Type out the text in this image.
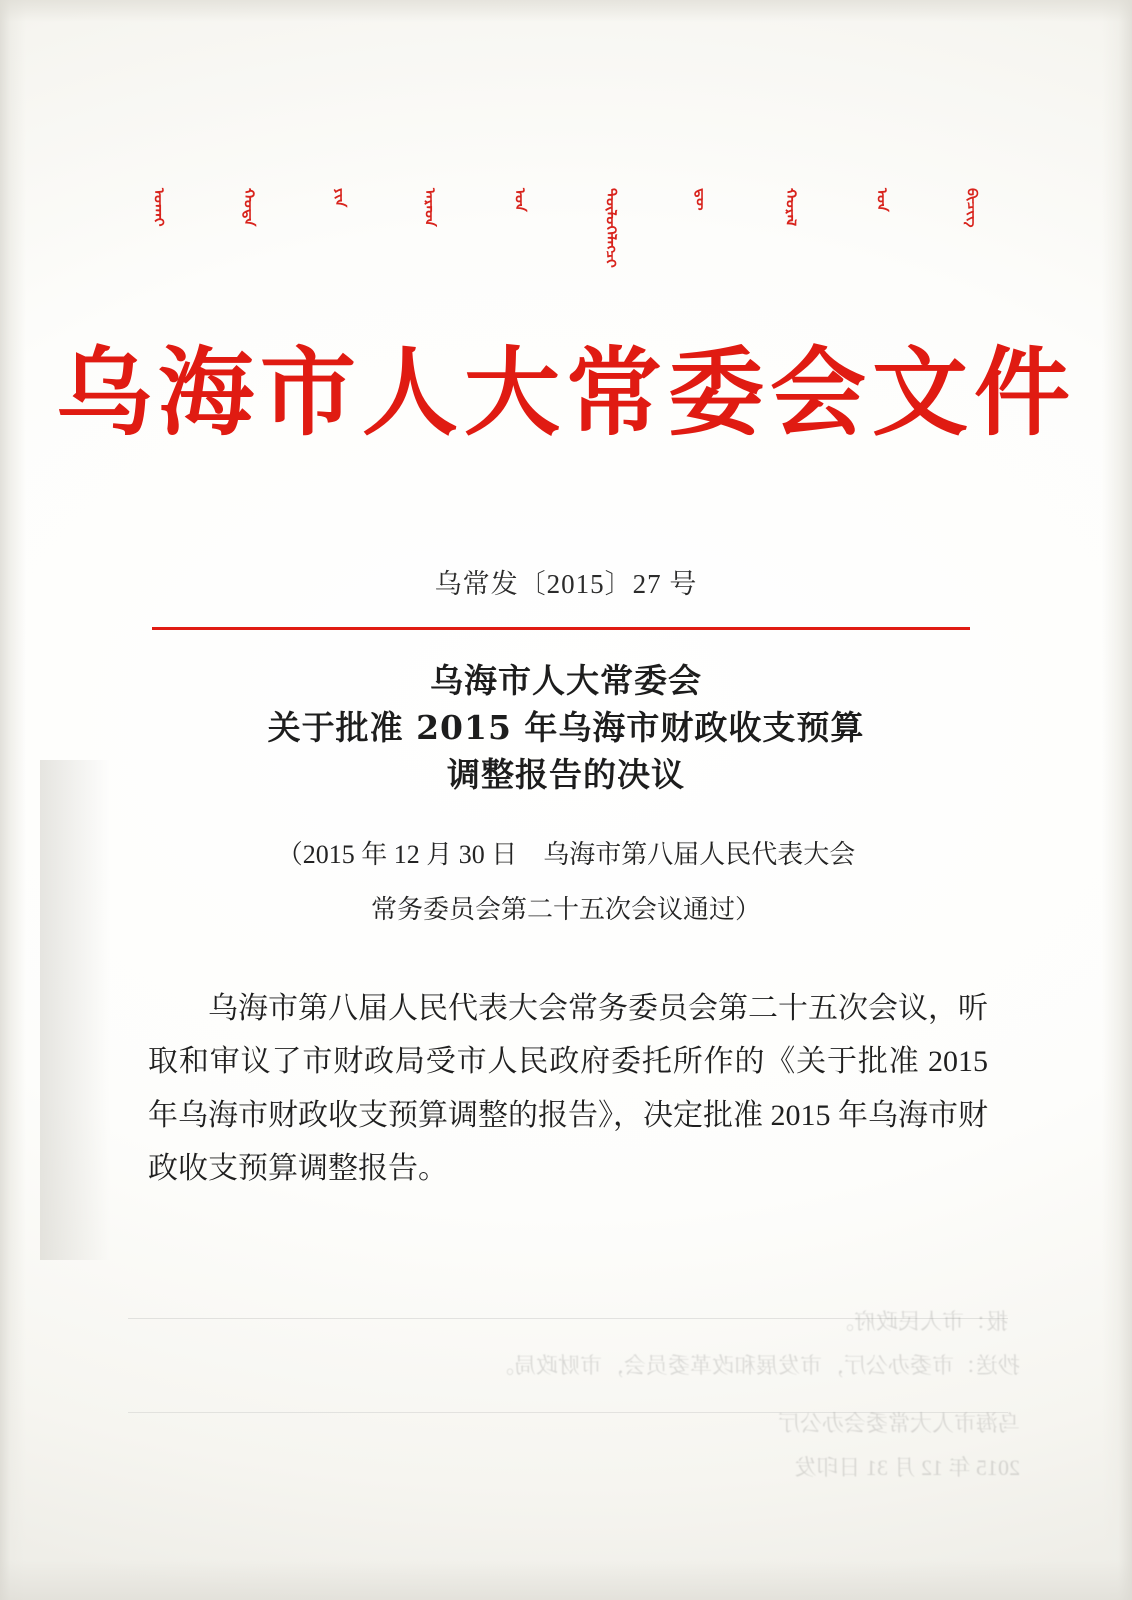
ᠤᠬᠠᠢ	ᠬᠣᠲᠠ	ᠶᠢᠨ	ᠠᠷᠠᠳ	ᠤᠨ	ᠲᠥᠯᠥᠭᠡᠯᠡᠭᠴᠢ	ᠳ᠋ᠦ᠋	ᠬᠤᠷᠠᠯ	ᠤᠨ	ᠪᠢᠴᠢᠭ
乌海市人大常委会文件
乌常发〔2015〕27 号
乌海市人大常委会
关于批准 2015 年乌海市财政收支预算
调整报告的决议
（2015 年 12 月 30 日　乌海市第八届人民代表大会
常务委员会第二十五次会议通过）
乌海市第八届人民代表大会常务委员会第二十五次会议，听取和审议了市财政局受市人民政府委托所作的《关于批准 2015 年乌海市财政收支预算调整的报告》，决定批准 2015 年乌海市财政收支预算调整报告。
报：市人民政府。
抄送：市委办公厅，市发展和改革委员会，市财政局。
乌海市人大常委会办公厅
2015 年 12 月 31 日印发
